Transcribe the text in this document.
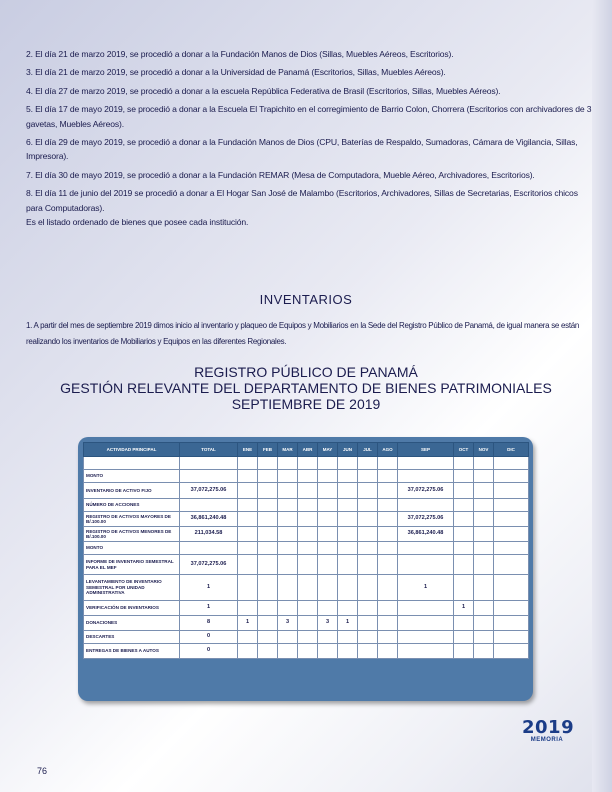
2. El día 21 de marzo 2019, se procedió a donar a la Fundación Manos de Dios (Sillas, Muebles Aéreos, Escritorios).

3. El día 21 de marzo 2019, se procedió a donar a la Universidad de Panamá (Escritorios, Sillas, Muebles Aéreos).

4. El día 27 de marzo 2019, se procedió a donar a la escuela República Federativa de Brasil (Escritorios, Sillas, Muebles Aéreos).

5. El día 17 de mayo 2019, se procedió a donar a la Escuela El Trapichito en el corregimiento de Barrio Colon, Chorrera (Escritorios con archivadores de 3 gavetas, Muebles Aéreos).

6. El día 29 de mayo 2019, se procedió a donar a la Fundación Manos de Dios (CPU, Baterías de Respaldo, Sumadoras, Cámara de Vigilancia, Sillas, Impresora).

7. El día 30 de mayo 2019, se procedió a donar a la Fundación REMAR (Mesa de Computadora, Mueble Aéreo, Archivadores, Escritorios).

8. El día 11 de junio del 2019 se procedió a donar a El Hogar San José de Malambo (Escritorios, Archivadores, Sillas de Secretarias, Escritorios chicos para Computadoras).

Es el listado ordenado de bienes que posee cada institución.

INVENTARIOS
1. A partir del mes de septiembre 2019 dimos inicio al inventario y plaqueo de Equipos y Mobiliarios en la Sede del Registro Público de Panamá, de igual manera se están realizando los inventarios de Mobiliarios y Equipos en las diferentes Regionales.
REGISTRO PÚBLICO DE PANAMÁ
GESTIÓN RELEVANTE DEL DEPARTAMENTO DE BIENES PATRIMONIALES
SEPTIEMBRE DE 2019
ACTIVIDAD PRINCIPAL	TOTAL	ENE	FEB	MAR	ABR	MAY	JUN	JUL	AGO	SEP	OCT	NOV	DIC

MONTO													
INVENTARIO DE ACTIVO FIJO	37,072,275.06									37,072,275.06			
NÚMERO DE ACCIONES													
REGISTRO DE ACTIVOS MAYORES DE B/.100.00	36,861,240.48									37,072,275.06			
REGISTRO DE ACTIVOS MENORES DE B/.100.00	211,034.58									36,861,240.48			
MONTO													
INFORME DE INVENTARIO SEMESTRAL PARA EL MEF	37,072,275.06												
LEVANTAMIENTO DE INVENTARIO SEMESTRAL POR UNIDAD ADMINISTRATIVA	1									1			
VERIFICACIÓN DE INVENTARIOS	1										1		
DONACIONES	8	1		3		3	1						
DESCARTES	0												
ENTREGAS DE BIENES A AUTOS	0												
76
2019
MEMORIA
